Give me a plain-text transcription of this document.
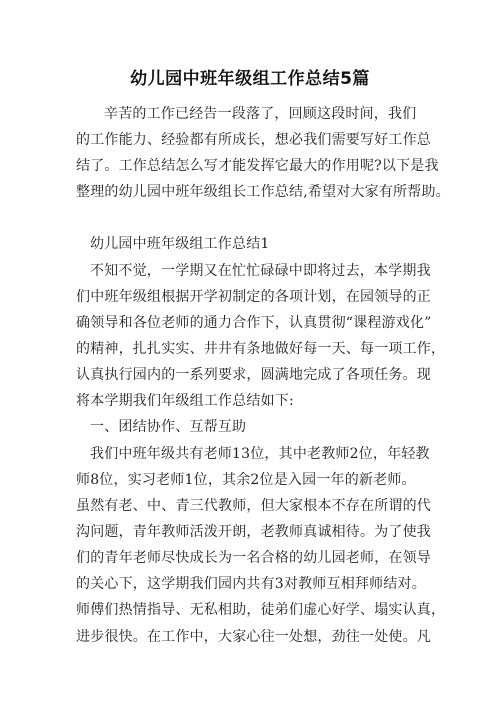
幼儿园中班年级组工作总结5篇
辛苦的工作已经告一段落了，回顾这段时间，我们
的工作能力、经验都有所成长，想必我们需要写好工作总
结了。工作总结怎么写才能发挥它最大的作用呢?以下是我
整理的幼儿园中班年级组长工作总结,希望对大家有所帮助。
幼儿园中班年级组工作总结1
不知不觉，一学期又在忙忙碌碌中即将过去，本学期我
们中班年级组根据开学初制定的各项计划，在园领导的正
确领导和各位老师的通力合作下，认真贯彻“课程游戏化”
的精神，扎扎实实、井井有条地做好每一天、每一项工作，
认真执行园内的一系列要求，圆满地完成了各项任务。现
将本学期我们年级组工作总结如下:
一、团结协作、互帮互助
我们中班年级共有老师13位，其中老教师2位，年轻教
师8位，实习老师1位，其余2位是入园一年的新老师。
虽然有老、中、青三代教师，但大家根本不存在所谓的代
沟问题，青年教师活泼开朗，老教师真诚相待。为了使我
们的青年老师尽快成长为一名合格的幼儿园老师，在领导
的关心下，这学期我们园内共有3对教师互相拜师结对。
师傅们热情指导、无私相助，徒弟们虚心好学、塌实认真，
进步很快。在工作中，大家心往一处想，劲往一处使。凡
